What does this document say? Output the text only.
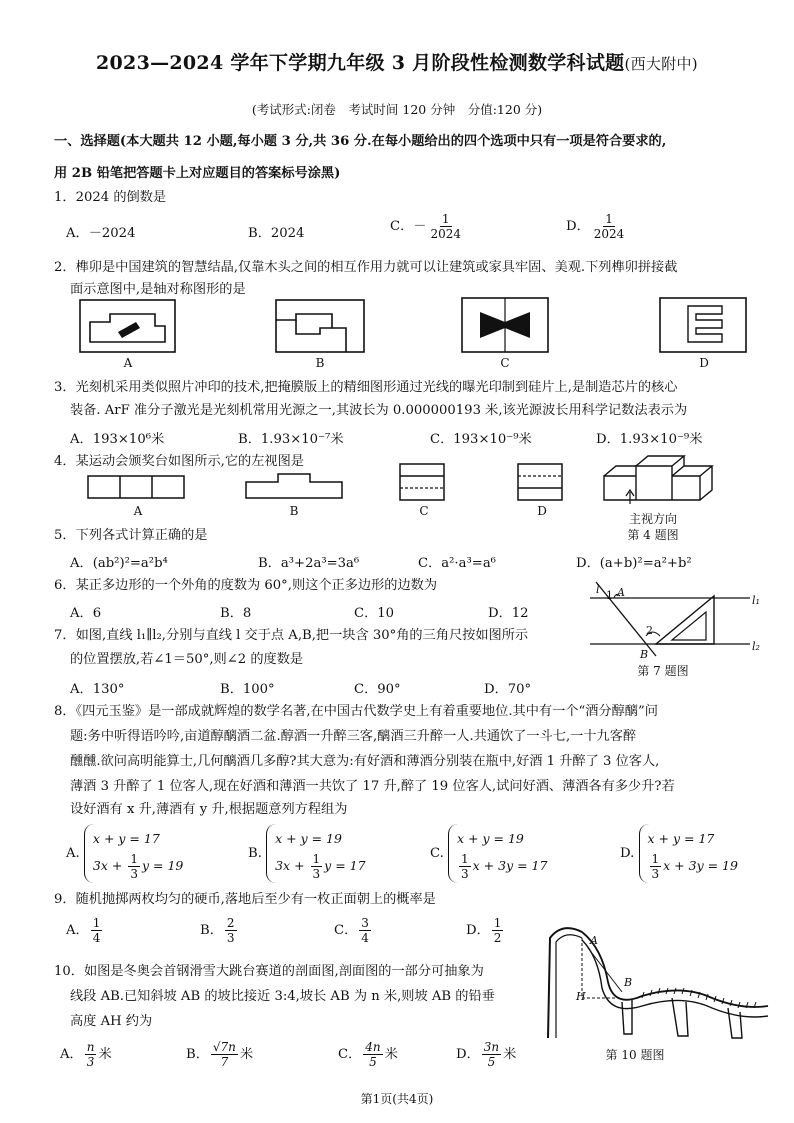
2023—2024 学年下学期九年级 3 月阶段性检测数学科试题(西大附中)
(考试形式:闭卷　考试时间 120 分钟　分值:120 分)
一、选择题(本大题共 12 小题,每小题 3 分,共 36 分.在每小题给出的四个选项中只有一项是符合要求的,
用 2B 铅笔把答题卡上对应题目的答案标号涂黑)
1．2024 的倒数是
A．－2024	B．2024	C．－ $\frac{1}{2024}$	D． $\frac{1}{2024}$
2．榫卯是中国建筑的智慧结晶,仅靠木头之间的相互作用力就可以让建筑或家具牢固、美观.下列榫卯拼接截
面示意图中,是轴对称图形的是
A	B	C	D
3．光刻机采用类似照片冲印的技术,把掩膜版上的精细图形通过光线的曝光印制到硅片上,是制造芯片的核心
装备. ArF 准分子激光是光刻机常用光源之一,其波长为 0.000000193 米,该光源波长用科学记数法表示为
A．193×10⁶米	B．1.93×10⁻⁷米	C．193×10⁻⁹米	D．1.93×10⁻⁹米
4．某运动会颁奖台如图所示,它的左视图是
A	B	C	D
主视方向
第 4 题图
5．下列各式计算正确的是
A．(ab²)²=a²b⁴	B．a³+2a³=3a⁶	C．a²·a³=a⁶	D．(a+b)²=a²+b²
6．某正多边形的一个外角的度数为 60°,则这个正多边形的边数为
A．6	B．8	C．10	D．12
7．如图,直线 l₁∥l₂,分别与直线 l 交于点 A,B,把一块含 30°角的三角尺按如图所示
的位置摆放,若∠1＝50°,则∠2 的度数是
A．130°	B．100°	C．90°	D．70°
l 1 A
2
B
l₁
l₂
第 7 题图
8．《四元玉鉴》是一部成就辉煌的数学名著,在中国古代数学史上有着重要地位.其中有一个“酒分醇醨”问
题:务中听得语吟吟,亩道醇醨酒二盆.醇酒一升醉三客,醨酒三升醉一人.共通饮了一斗七,一十九客醉
醺醺.欲问高明能算士,几何醨酒几多醇?其大意为:有好酒和薄酒分别装在瓶中,好酒 1 升醉了 3 位客人,
薄酒 3 升醉了 1 位客人,现在好酒和薄酒一共饮了 17 升,醉了 19 位客人,试问好酒、薄酒各有多少升?若
设好酒有 x 升,薄酒有 y 升,根据题意列方程组为
A. x + y = 17
$3x + \frac{1}{3}$ y = 19
B. x + y = 19
$3x + \frac{1}{3}$ y = 17
C. x + y = 19

$\frac{1}{3}$ x + 3y = 17
D. x + y = 17

$\frac{1}{3}$ x + 3y = 19
9．随机抛掷两枚均匀的硬币,落地后至少有一枚正面朝上的概率是
A． $\frac{1}{4}$	B． $\frac{2}{3}$	C． $\frac{3}{4}$	D． $\frac{1}{2}$
10．如图是冬奥会首钢滑雪大跳台赛道的剖面图,剖面图的一部分可抽象为
线段 AB.已知斜坡 AB 的坡比接近 3:4,坡长 AB 为 n 米,则坡 AB 的铅垂
高度 AH 约为
A． $\frac{n}{3}$ 米	B． $\frac{√7n}{7}$ 米	C． $\frac{4n}{5}$ 米	D． $\frac{3n}{5}$ 米
A
H
B
第 10 题图
第1页(共4页)
